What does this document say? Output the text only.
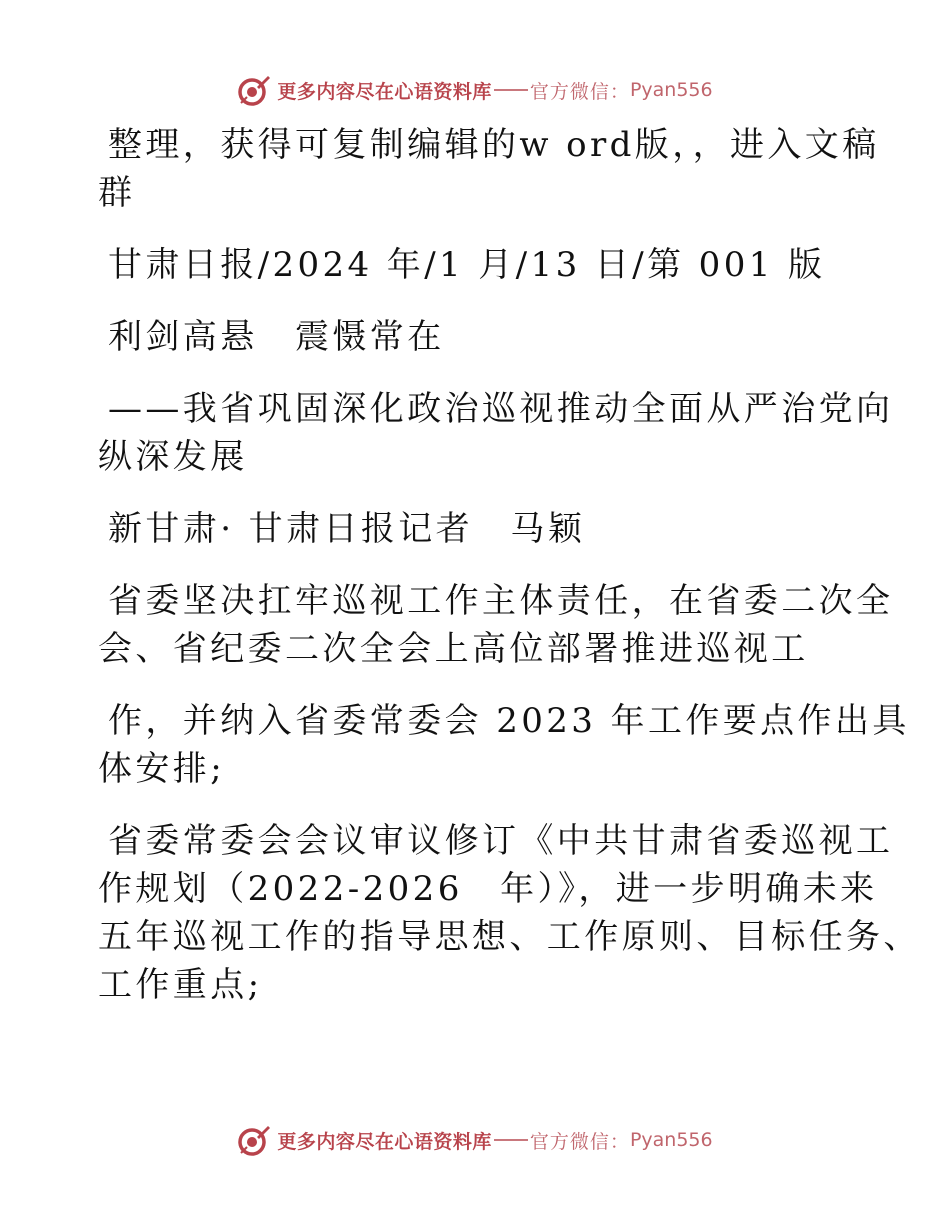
更多内容尽在心语资料库 官方微信： Pyan556
整理，获得可复制编辑的w ord版，，进入文稿
群
甘肃日报/2024 年/1 月/13 日/第 001 版
利剑高悬　震慑常在
——我省巩固深化政治巡视推动全面从严治党向
纵深发展
新甘肃· 甘肃日报记者　马颖
省委坚决扛牢巡视工作主体责任，在省委二次全
会、省纪委二次全会上高位部署推进巡视工
作，并纳入省委常委会 2023 年工作要点作出具
体安排;
省委常委会会议审议修订《中共甘肃省委巡视工
作规划（2022-2026　年）》，进一步明确未来
五年巡视工作的指导思想、工作原则、目标任务、
工作重点;
更多内容尽在心语资料库 官方微信： Pyan556
